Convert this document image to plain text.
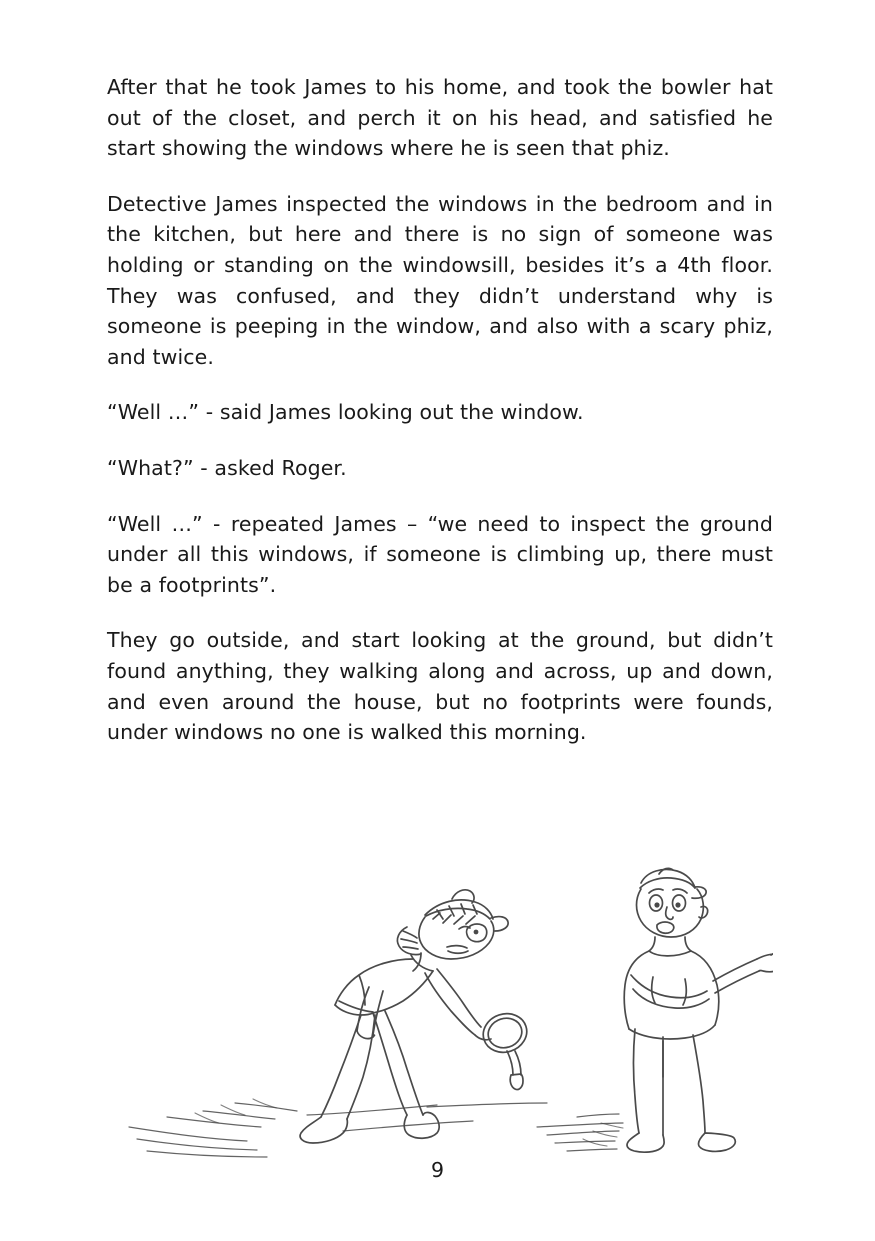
After that he took James to his home, and took the bowler hat out of the closet, and perch it on his head, and satisfied he start showing the windows where he is seen that phiz.

Detective James inspected the windows in the bedroom and in the kitchen, but here and there is no sign of someone was holding or standing on the windowsill, besides it’s a 4th floor. They was confused, and they didn’t understand why is someone is peeping in the window, and also with a scary phiz, and twice.

“Well …” - said James looking out the window.

“What?” - asked Roger.

“Well …” - repeated James – “we need to inspect the ground under all this windows, if someone is climbing up, there must be a footprints”.

They go outside, and start looking at the ground, but didn’t found anything, they walking along and across, up and down, and even around the house, but no footprints were founds, under windows no one is walked this morning.

9
